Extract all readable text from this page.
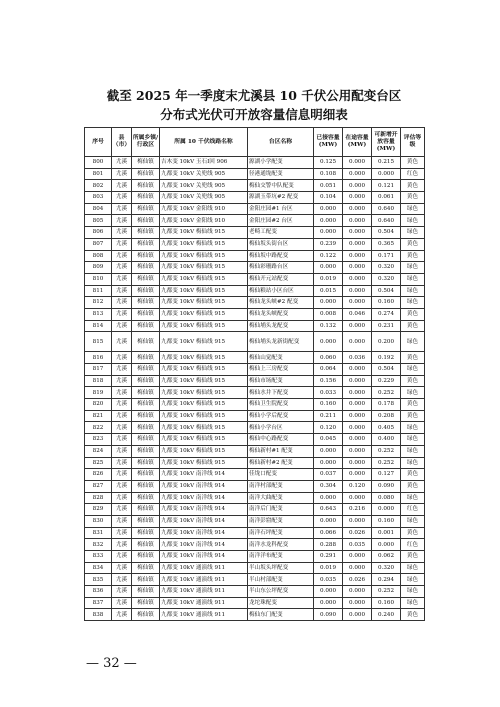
截至 2025 年一季度末尤溪县 10 千伏公用配变台区
分布式光伏可开放容量信息明细表
序号	县（市）	所属乡镇/行政区	所属 10 千伏线路名称	台区名称	已接容量(MW)	在途容量(MW)	可新增开放容量(MW)	评估等级
800	尤溪	梅仙镇	吉木变 10kV 玉石Ⅰ回 906	源湖小学配变	0.125	0.000	0.215	黄色
801	尤溪	梅仙镇	九都变 10kV 关兜线 905	径港通垅配变	0.108	0.000	0.000	红色
802	尤溪	梅仙镇	九都变 10kV 关兜线 905	梅仙交警中队配变	0.051	0.000	0.121	黄色
803	尤溪	梅仙镇	九都变 10kV 关兜线 905	源湖玉带坑#2 配变	0.104	0.000	0.061	黄色
804	尤溪	梅仙镇	九都变 10kV 金阳线 910	金阳庄园#1 台区	0.000	0.000	0.640	绿色
805	尤溪	梅仙镇	九都变 10kV 金阳线 910	金阳庄园#2 台区	0.000	0.000	0.640	绿色
806	尤溪	梅仙镇	九都变 10kV 梅仙线 915	老畸工配变	0.000	0.000	0.504	绿色
807	尤溪	梅仙镇	九都变 10kV 梅仙线 915	梅仙坂头街台区	0.239	0.000	0.365	黄色
808	尤溪	梅仙镇	九都变 10kV 梅仙线 915	梅仙坂中路配变	0.122	0.000	0.171	黄色
809	尤溪	梅仙镇	九都变 10kV 梅仙线 915	梅仙彩珊路台区	0.000	0.000	0.320	绿色
810	尤溪	梅仙镇	九都变 10kV 梅仙线 915	梅仙开元站配变	0.019	0.000	0.320	绿色
811	尤溪	梅仙镇	九都变 10kV 梅仙线 915	梅仙粮站小区台区	0.015	0.000	0.504	绿色
812	尤溪	梅仙镇	九都变 10kV 梅仙线 915	梅仙龙头峡#2 配变	0.000	0.000	0.160	绿色
813	尤溪	梅仙镇	九都变 10kV 梅仙线 915	梅仙龙头峡配变	0.008	0.046	0.274	黄色
814	尤溪	梅仙镇	九都变 10kV 梅仙线 915	梅仙埔头龙配变	0.132	0.000	0.231	黄色
815	尤溪	梅仙镇	九都变 10kV 梅仙线 915	梅仙埔头龙新街配变	0.000	0.000	0.200	绿色
816	尤溪	梅仙镇	九都变 10kV 梅仙线 915	梅仙山觉配变	0.060	0.036	0.192	黄色
817	尤溪	梅仙镇	九都变 10kV 梅仙线 915	梅仙上三房配变	0.064	0.000	0.504	绿色
818	尤溪	梅仙镇	九都变 10kV 梅仙线 915	梅仙市场配变	0.156	0.000	0.229	黄色
819	尤溪	梅仙镇	九都变 10kV 梅仙线 915	梅仙水井下配变	0.033	0.000	0.252	绿色
820	尤溪	梅仙镇	九都变 10kV 梅仙线 915	梅仙卫生院配变	0.160	0.000	0.178	黄色
821	尤溪	梅仙镇	九都变 10kV 梅仙线 915	梅仙小学后配变	0.211	0.000	0.208	黄色
822	尤溪	梅仙镇	九都变 10kV 梅仙线 915	梅仙小学台区	0.120	0.000	0.405	绿色
823	尤溪	梅仙镇	九都变 10kV 梅仙线 915	梅仙中心路配变	0.045	0.000	0.400	绿色
824	尤溪	梅仙镇	九都变 10kV 梅仙线 915	梅仙新村#1 配变	0.000	0.000	0.252	绿色
825	尤溪	梅仙镇	九都变 10kV 梅仙线 915	梅仙新村#2 配变	0.000	0.000	0.252	绿色
826	尤溪	梅仙镇	九都变 10kV 南洋线 914	佳垅口配变	0.037	0.000	0.127	黄色
827	尤溪	梅仙镇	九都变 10kV 南洋线 914	南洋村部配变	0.304	0.120	0.090	黄色
828	尤溪	梅仙镇	九都变 10kV 南洋线 914	南洋大曲配变	0.000	0.000	0.080	绿色
829	尤溪	梅仙镇	九都变 10kV 南洋线 914	南洋后门配变	0.643	0.216	0.000	红色
830	尤溪	梅仙镇	九都变 10kV 南洋线 914	南洋彭窟配变	0.000	0.000	0.160	绿色
831	尤溪	梅仙镇	九都变 10kV 南洋线 914	南洋石坪配变	0.066	0.026	0.001	黄色
832	尤溪	梅仙镇	九都变 10kV 南洋线 914	南洋水龙科配变	0.288	0.035	0.000	红色
833	尤溪	梅仙镇	九都变 10kV 南洋线 914	南洋洋布配变	0.291	0.000	0.062	黄色
834	尤溪	梅仙镇	九都变 10kV 通演线 911	半山坂头坪配变	0.019	0.000	0.320	绿色
835	尤溪	梅仙镇	九都变 10kV 通演线 911	半山村部配变	0.035	0.026	0.294	绿色
836	尤溪	梅仙镇	九都变 10kV 通演线 911	半山东公坪配变	0.000	0.000	0.252	绿色
837	尤溪	梅仙镇	九都变 10kV 通演线 911	龙坨珠配变	0.000	0.000	0.160	绿色
838	尤溪	梅仙镇	九都变 10kV 通演线 911	梅仙东门配变	0.090	0.000	0.240	黄色
— 32 —
